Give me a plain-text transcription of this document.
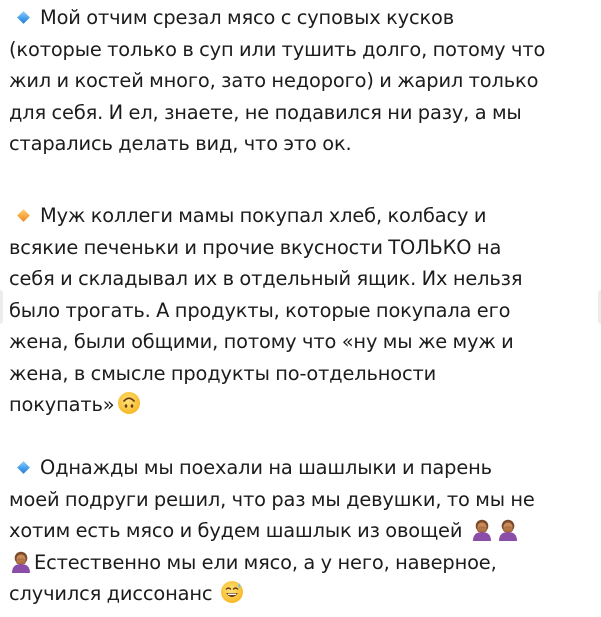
Мой отчим срезал мясо с суповых кусков
(которые только в суп или тушить долго, потому что
жил и костей много, зато недорого) и жарил только
для себя. И ел, знаете, не подавился ни разу, а мы
старались делать вид, что это ок.
Муж коллеги мамы покупал хлеб, колбасу и
всякие печеньки и прочие вкусности ТОЛЬКО на
себя и складывал их в отдельный ящик. Их нельзя
было трогать. А продукты, которые покупала его
жена, были общими, потому что «ну мы же муж и
жена, в смысле продукты по-отдельности
покупать»
Однажды мы поехали на шашлыки и парень
моей подруги решил, что раз мы девушки, то мы не
хотим есть мясо и будем шашлык из овощей
Естественно мы ели мясо, а у него, наверное,
случился диссонанс
